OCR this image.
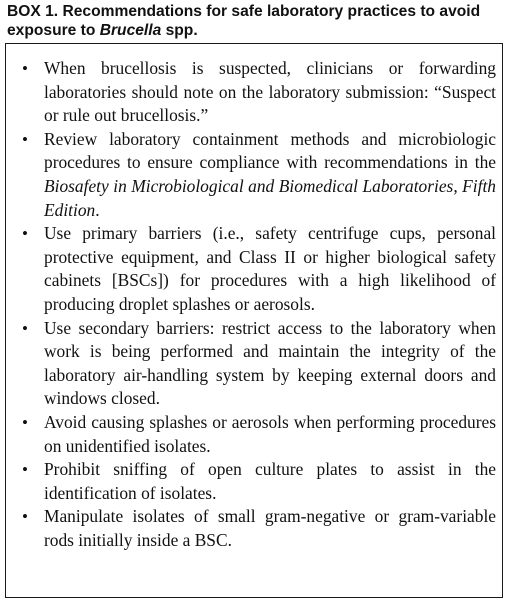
BOX 1. Recommendations for safe laboratory practices to avoid exposure to Brucella spp.
• When brucellosis is suspected, clinicians or forwarding laboratories should note on the laboratory submission: “Suspect or rule out brucellosis.”
• Review laboratory containment methods and microbiologic procedures to ensure compliance with recommendations in the Biosafety in Microbiological and Biomedical Laboratories, Fifth Edition.
• Use primary barriers (i.e., safety centrifuge cups, personal protective equipment, and Class II or higher biological safety cabinets [BSCs]) for procedures with a high likelihood of producing droplet splashes or aerosols.
• Use secondary barriers: restrict access to the laboratory when work is being performed and maintain the integrity of the laboratory air-handling system by keeping external doors and windows closed.
• Avoid causing splashes or aerosols when performing procedures on unidentified isolates.
• Prohibit sniffing of open culture plates to assist in the identification of isolates.
• Manipulate isolates of small gram-negative or gram-variable rods initially inside a BSC.
